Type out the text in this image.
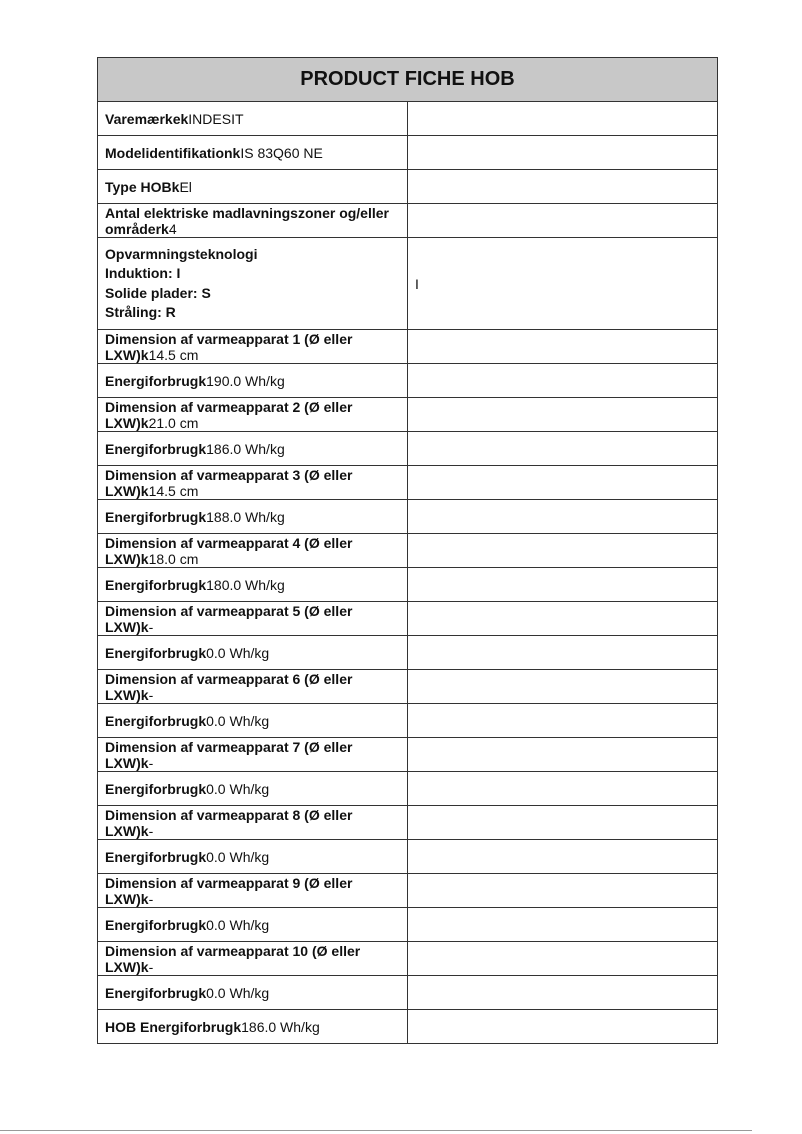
PRODUCT FICHE HOB	
VaremærkekINDESIT	
ModelidentifikationkIS 83Q60 NE	
Type HOBkEl	
Antal elektriske madlavningszoner og/eller områderk4	

Opvarmningsteknologi
Induktion: I
Solide plader: S
Stråling: R	I
Dimension af varmeapparat 1 (Ø eller LXW)k14.5 cm	
Energiforbrugk190.0 Wh/kg	
Dimension af varmeapparat 2 (Ø eller LXW)k21.0 cm	
Energiforbrugk186.0 Wh/kg	
Dimension af varmeapparat 3 (Ø eller LXW)k14.5 cm	
Energiforbrugk188.0 Wh/kg	
Dimension af varmeapparat 4 (Ø eller LXW)k18.0 cm	
Energiforbrugk180.0 Wh/kg	
Dimension af varmeapparat 5 (Ø eller LXW)k-	
Energiforbrugk0.0 Wh/kg	
Dimension af varmeapparat 6 (Ø eller LXW)k-	
Energiforbrugk0.0 Wh/kg	
Dimension af varmeapparat 7 (Ø eller LXW)k-	
Energiforbrugk0.0 Wh/kg	
Dimension af varmeapparat 8 (Ø eller LXW)k-	
Energiforbrugk0.0 Wh/kg	
Dimension af varmeapparat 9 (Ø eller LXW)k-	
Energiforbrugk0.0 Wh/kg	
Dimension af varmeapparat 10 (Ø eller LXW)k-	
Energiforbrugk0.0 Wh/kg	
HOB Energiforbrugk186.0 Wh/kg	
